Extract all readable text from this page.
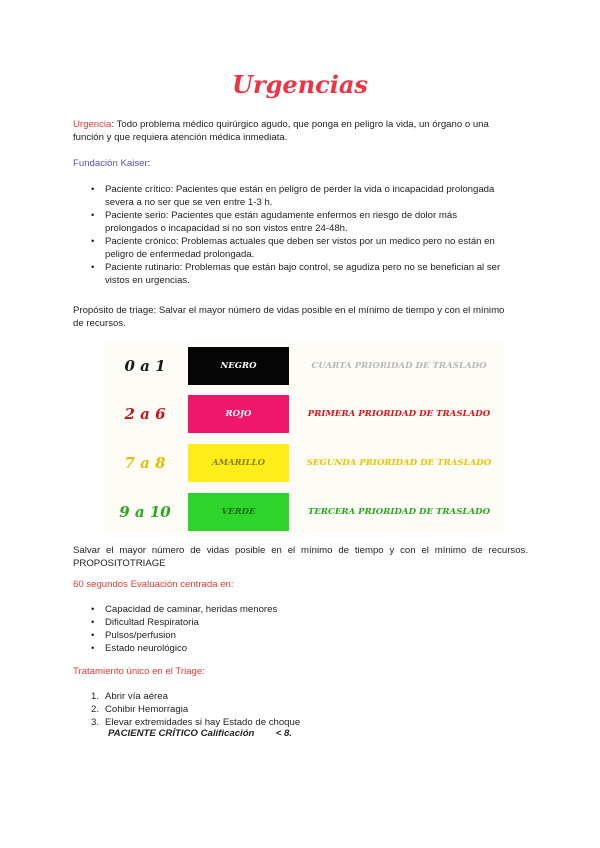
Urgencias
Urgencia: Todo problema médico quirúrgico agudo, que ponga en peligro la vida, un órgano o una función y que requiera atención médica inmediata.
Fundación Kaiser:
• Paciente crítico: Pacientes que están en peligro de perder la vida o incapacidad prolongada severa a no ser que se ven entre 1-3 h.
• Paciente serio: Pacientes que están agudamente enfermos en riesgo de dolor más prolongados o incapacidad si no son vistos entre 24-48h.
• Paciente crónico: Problemas actuales que deben ser vistos por un medico pero no están en peligro de enfermedad prolongada.
• Paciente rutinario: Problemas que están bajo control, se agudiza pero no se benefician al ser vistos en urgencias.
Propósito de triage: Salvar el mayor número de vidas posible en el mínimo de tiempo y con el mínimo de recursos.
0 a 1	NEGRO	CUARTA PRIORIDAD DE TRASLADO
2 a 6	ROJO	PRIMERA PRIORIDAD DE TRASLADO
7 a 8	AMARILLO	SEGUNDA PRIORIDAD DE TRASLADO
9 a 10	VERDE	TERCERA PRIORIDAD DE TRASLADO
Salvar el mayor número de vidas posible en el mínimo de tiempo y con el mínimo de recursos. PROPOSITOTRIAGE
60 segundos Evaluación centrada en:
• Capacidad de caminar, heridas menores
• Dificultad Respiratoria
• Pulsos/perfusion
• Estado neurológico
Tratamiento único en el Triage:
1. Abrir vía aérea
2. Cohibir Hemorragia
3. Elevar extremidades si hay Estado de choque
PACIENTE CRÍTICO Calificación        < 8.
